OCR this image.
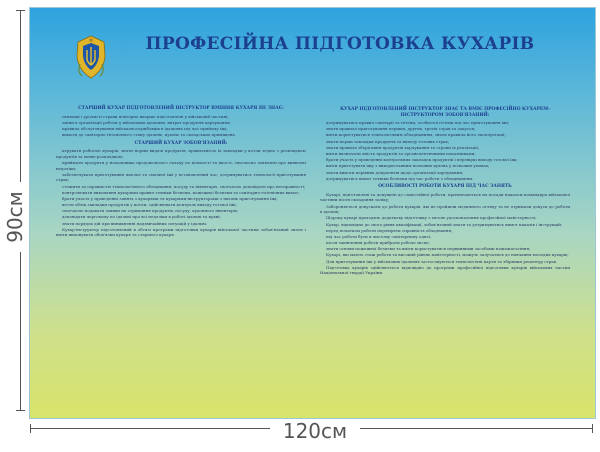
90см
ПРОФЕСІЙНА ПІДГОТОВКА КУХАРІВ
СТАРШИЙ КУХАР ПІДГОТОВЛЕНИЙ ІНСТРУКТОР ВМІННЯ КУХАРЯ НЕ ЗНАЄ:

святкові і урочисті страви повторно вперше підготовлені у військовій частині;

зміни в організації роботи у військових ідальнях, витрат продуктів харчування;

правила обслуговування військовослужбовців в ідальнях під час прийому їжі;

вимоги до санітарно-гігієнічного стану ідалень, кухонь та складських приміщень.

СТАРШИЙ КУХАР ЗОБОВ'ЯЗАНИЙ:

керувати роботою кухарів, знати норми видачі продуктів, правильність їх закладки у котли згідно з розкладкою продуктів та меню-розкладкою;

приймати продукти у начальника продовольчого складу по кількості та якості, своєчасно заявляти про виявлені недоліки;

забезпечувати приготування якісної та смачної їжі у встановлений час, дотримуватись технології приготування страв;

стежити за справністю технологічного обладнання, посуду та інвентарю, своєчасно доповідати про несправності;

контролювати виконання кухарями правил техніки безпеки, пожежної безпеки та санітарно-гігієнічних вимог;

брати участь у проведенні занять з кухарями та кухарями-інструкторами з питань приготування їжі;

вести облік закладки продуктів у котли, здійснювати контроль виходу готової їжі;

своєчасно подавати заявки на отримання продуктів, посуду, кухонного інвентарю;

доповідати черговому по ідальні про всі недоліки в роботі ідальні та кухні;

знати порядок дій при виникненні надзвичайних ситуацій у ідальні.

Кухар-інструктор підготовлений в обсязі програми підготовки кухарів військової частини зобов'язаний знати і вміти виконувати обов'язки кухаря та старшого кухаря.

КУХАР ПІДГОТОВЛЕНИЙ ІНСТРУКТОР ЗНАЄ ТА ВМІЄ ПРОФЕСІЙНО КУХАРЕМ-ІНСТРУКТОРОМ ЗОБОВ'ЯЗАНИЙ:

дотримуватись правил санітарії та гігієни, особистої гігієни під час приготування їжі;

знати правила приготування перших, других, третіх страв та закусок;

вміти користуватися технологічним обладнанням, знати правила його експлуатації;

знати норми закладки продуктів та виходу готових страв;

знати правила зберігання продуктів харчування та строки їх реалізації;

вміти визначати якість продуктів за органолептичними показниками;

брати участь у проведенні контрольних закладок продуктів і перевірці виходу готової їжі;

вміти приготувати їжу з використанням польових кухонь у польових умовах;

знати вимоги керівних документів щодо організації харчування;

дотримуватись вимог техніки безпеки під час роботи з обладнанням.

ОСОБЛИВОСТІ РОБОТИ КУХАРЯ ПІД ЧАС ЗАНЯТЬ

Кухарі, підготовлені та допущені до самостійної роботи, призначаються на посади наказом командира військової частини після складання заліку;

Забороняється допускати до роботи кухарів, які не пройшли медичного огляду та не отримали допуск до роботи в ідальні;

Щороку кухарі проходять додаткову підготовку з метою удосконалення професійної майстерності;

Кухар, відповідно до свого рівня кваліфікації, зобов'язаний знати та дотримуватись вимог наказів і інструкцій;

перед початком роботи перевіряти справність обладнання;

під час роботи бути в чистому санітарному одязі;

після закінчення роботи прибрати робоче місце;

знати основи пожежної безпеки та вміти користуватися первинними засобами пожежогасіння;

Кухарі, які мають стаж роботи та високий рівень майстерності, можуть залучатися до навчання молодих кухарів;

Для приготування їжі у військових ідальнях застосовуються технологічні карти та збірники рецептур страв.

Підготовка кухарів здійснюється відповідно до програми професійної підготовки кухарів військових частин Національної гвардії України.

120см
